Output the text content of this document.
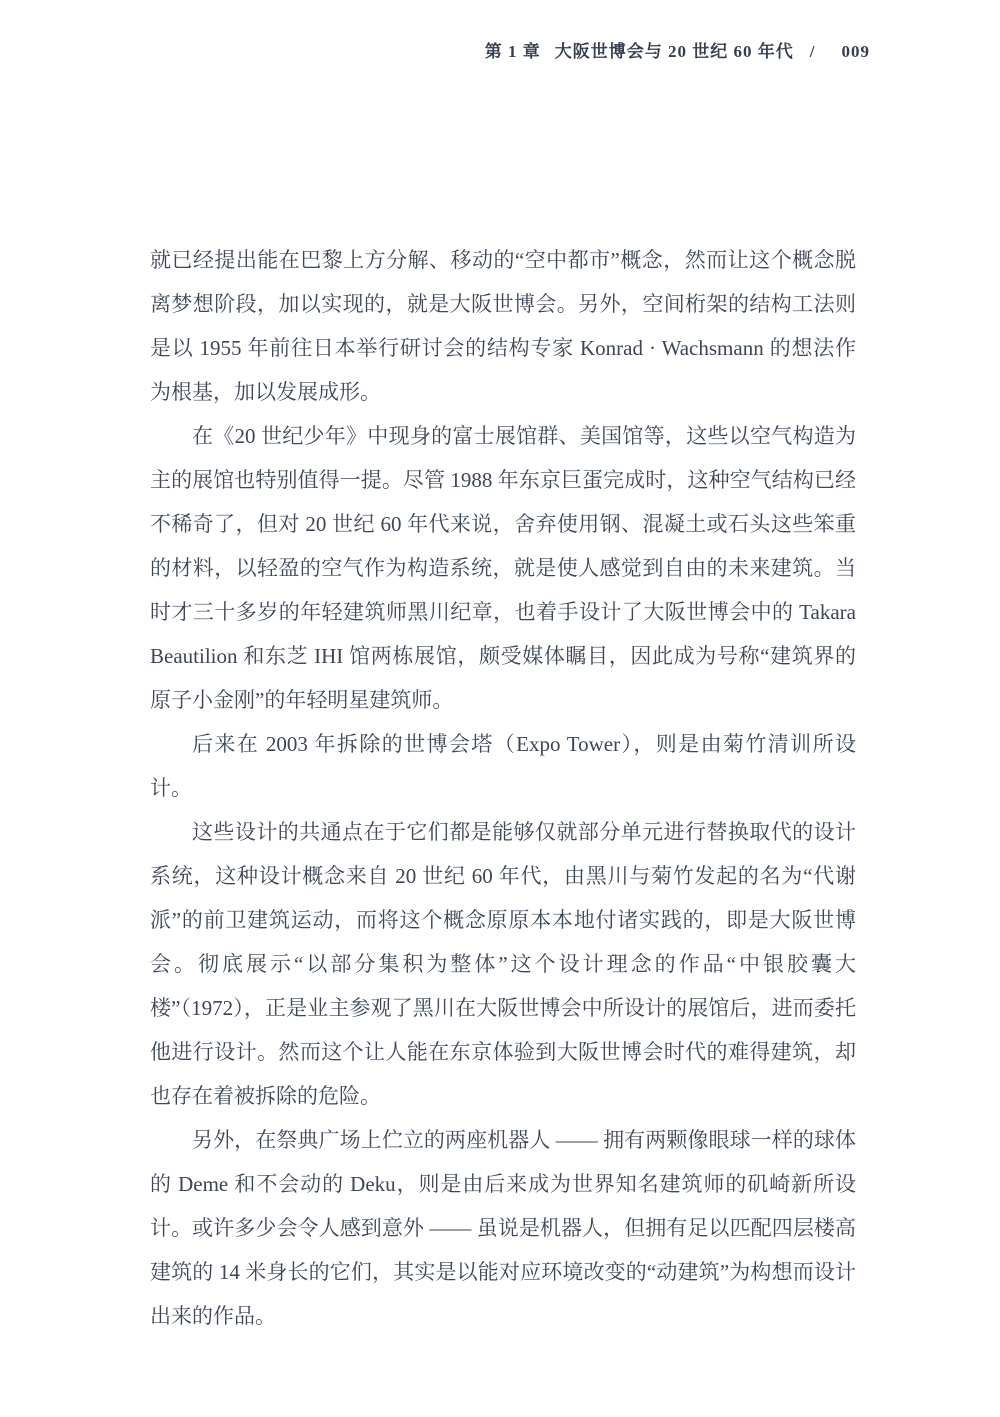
第 1 章 大阪世博会与 20 世纪 60 年代 / 009

就已经提出能在巴黎上方分解、移动的“空中都市”概念，然而让这个概念脱离梦想阶段，加以实现的，就是大阪世博会。另外，空间桁架的结构工法则是以 1955 年前往日本举行研讨会的结构专家 Konrad · Wachsmann 的想法作为根基，加以发展成形。

在《20 世纪少年》中现身的富士展馆群、美国馆等，这些以空气构造为主的展馆也特别值得一提。尽管 1988 年东京巨蛋完成时，这种空气结构已经不稀奇了，但对 20 世纪 60 年代来说，舍弃使用钢、混凝土或石头这些笨重的材料，以轻盈的空气作为构造系统，就是使人感觉到自由的未来建筑。当时才三十多岁的年轻建筑师黑川纪章，也着手设计了大阪世博会中的 Takara Beautilion 和东芝 IHI 馆两栋展馆，颇受媒体瞩目，因此成为号称“建筑界的原子小金刚”的年轻明星建筑师。

后来在 2003 年拆除的世博会塔（Expo Tower），则是由菊竹清训所设计。

这些设计的共通点在于它们都是能够仅就部分单元进行替换取代的设计系统，这种设计概念来自 20 世纪 60 年代，由黑川与菊竹发起的名为“代谢派”的前卫建筑运动，而将这个概念原原本本地付诸实践的，即是大阪世博会。彻底展示“以部分集积为整体”这个设计理念的作品“中银胶囊大楼”（1972），正是业主参观了黑川在大阪世博会中所设计的展馆后，进而委托他进行设计。然而这个让人能在东京体验到大阪世博会时代的难得建筑，却也存在着被拆除的危险。

另外，在祭典广场上伫立的两座机器人 —— 拥有两颗像眼球一样的球体的 Deme 和不会动的 Deku，则是由后来成为世界知名建筑师的矶崎新所设计。或许多少会令人感到意外 —— 虽说是机器人，但拥有足以匹配四层楼高建筑的 14 米身长的它们，其实是以能对应环境改变的“动建筑”为构想而设计出来的作品。
